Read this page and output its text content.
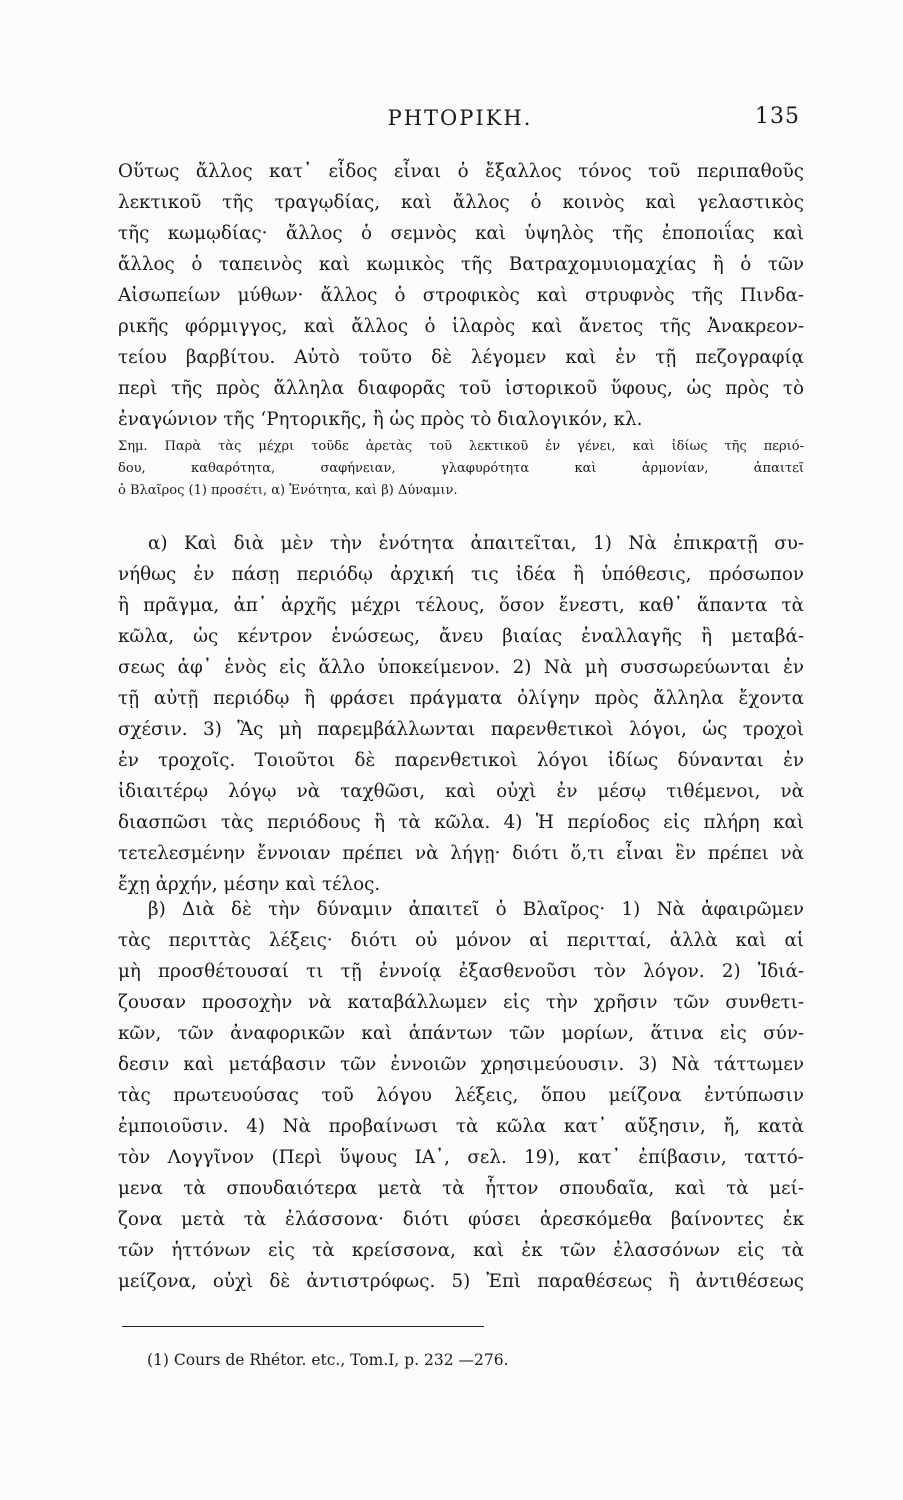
ΡΗΤΟΡΙΚΗ.	135
Οὕτως ἄλλος κατ᾽ εἶδος εἶναι ὁ ἔξαλλος τόνος τοῦ περιπαθοῦς
λεκτικοῦ τῆς τραγῳδίας, καὶ ἄλλος ὁ κοινὸς καὶ γελαστικὸς
τῆς κωμῳδίας· ἄλλος ὁ σεμνὸς καὶ ὑψηλὸς τῆς ἐποποιΐας καὶ
ἄλλος ὁ ταπεινὸς καὶ κωμικὸς τῆς Βατραχομυιομαχίας ἢ ὁ τῶν
Αἰσωπείων μύθων· ἄλλος ὁ στροφικὸς καὶ στρυφνὸς τῆς Πινδα-
ρικῆς φόρμιγγος, καὶ ἄλλος ὁ ἱλαρὸς καὶ ἄνετος τῆς Ἀνακρεον-
τείου βαρβίτου. Αὐτὸ τοῦτο δὲ λέγομεν καὶ ἐν τῇ πεζογραφίᾳ
περὶ τῆς πρὸς ἄλληλα διαφορᾶς τοῦ ἱστορικοῦ ὕφους, ὡς πρὸς τὸ
ἐναγώνιον τῆς ‘Ρητορικῆς, ἢ ὡς πρὸς τὸ διαλογικόν, κλ.
Σημ. Παρὰ τὰς μέχρι τοῦδε ἀρετὰς τοῦ λεκτικοῦ ἐν γένει, καὶ ἰδίως τῆς περιό-
δου, καθαρότητα, σαφήνειαν, γλαφυρότητα καὶ ἁρμονίαν, ἀπαιτεῖ
ὁ Βλαῖρος (1) προσέτι, α) Ἑνότητα, καὶ β) Δύναμιν.
α) Καὶ διὰ μὲν τὴν ἑνότητα ἀπαιτεῖται, 1) Νὰ ἐπικρατῇ συ-
νήθως ἐν πάσῃ περιόδῳ ἀρχική τις ἰδέα ἢ ὑπόθεσις, πρόσωπον
ἢ πρᾶγμα, ἀπ᾽ ἀρχῆς μέχρι τέλους, ὅσον ἔνεστι, καθ᾽ ἅπαντα τὰ
κῶλα, ὡς κέντρον ἑνώσεως, ἄνευ βιαίας ἐναλλαγῆς ἢ μεταβά-
σεως ἀφ᾽ ἑνὸς εἰς ἄλλο ὑποκείμενον. 2) Νὰ μὴ συσσωρεύωνται ἐν
τῇ αὐτῇ περιόδῳ ἢ φράσει πράγματα ὀλίγην πρὸς ἄλληλα ἔχοντα
σχέσιν. 3) Ἃς μὴ παρεμβάλλωνται παρενθετικοὶ λόγοι, ὡς τροχοὶ
ἐν τροχοῖς. Τοιοῦτοι δὲ παρενθετικοὶ λόγοι ἰδίως δύνανται ἐν
ἰδιαιτέρῳ λόγῳ νὰ ταχθῶσι, καὶ οὐχὶ ἐν μέσῳ τιθέμενοι, νὰ
διασπῶσι τὰς περιόδους ἢ τὰ κῶλα. 4) Ἡ περίοδος εἰς πλήρη καὶ
τετελεσμένην ἔννοιαν πρέπει νὰ λήγῃ· διότι ὅ,τι εἶναι ἓν πρέπει νὰ
ἔχῃ ἀρχήν, μέσην καὶ τέλος.
β) Διὰ δὲ τὴν δύναμιν ἀπαιτεῖ ὁ Βλαῖρος· 1) Νὰ ἀφαιρῶμεν
τὰς περιττὰς λέξεις· διότι οὐ μόνον αἱ περιτταί, ἀλλὰ καὶ αἱ
μὴ προσθέτουσαί τι τῇ ἐννοίᾳ ἐξασθενοῦσι τὸν λόγον. 2) Ἰδιά-
ζουσαν προσοχὴν νὰ καταβάλλωμεν εἰς τὴν χρῆσιν τῶν συνθετι-
κῶν, τῶν ἀναφορικῶν καὶ ἁπάντων τῶν μορίων, ἅτινα εἰς σύν-
δεσιν καὶ μετάβασιν τῶν ἐννοιῶν χρησιμεύουσιν. 3) Νὰ τάττωμεν
τὰς πρωτευούσας τοῦ λόγου λέξεις, ὅπου μείζονα ἐντύπωσιν
ἐμποιοῦσιν. 4) Νὰ προβαίνωσι τὰ κῶλα κατ᾽ αὔξησιν, ἤ, κατὰ
τὸν Λογγῖνον (Περὶ ὕψους ΙΑ᾽, σελ. 19), κατ᾽ ἐπίβασιν, ταττό-
μενα τὰ σπουδαιότερα μετὰ τὰ ἧττον σπουδαῖα, καὶ τὰ μεί-
ζονα μετὰ τὰ ἐλάσσονα· διότι φύσει ἀρεσκόμεθα βαίνοντες ἐκ
τῶν ἡττόνων εἰς τὰ κρείσσονα, καὶ ἐκ τῶν ἐλασσόνων εἰς τὰ
μείζονα, οὐχὶ δὲ ἀντιστρόφως. 5) Ἐπὶ παραθέσεως ἢ ἀντιθέσεως
(1) Cours de Rhétor. etc., Tom.I, p. 232 —276.
